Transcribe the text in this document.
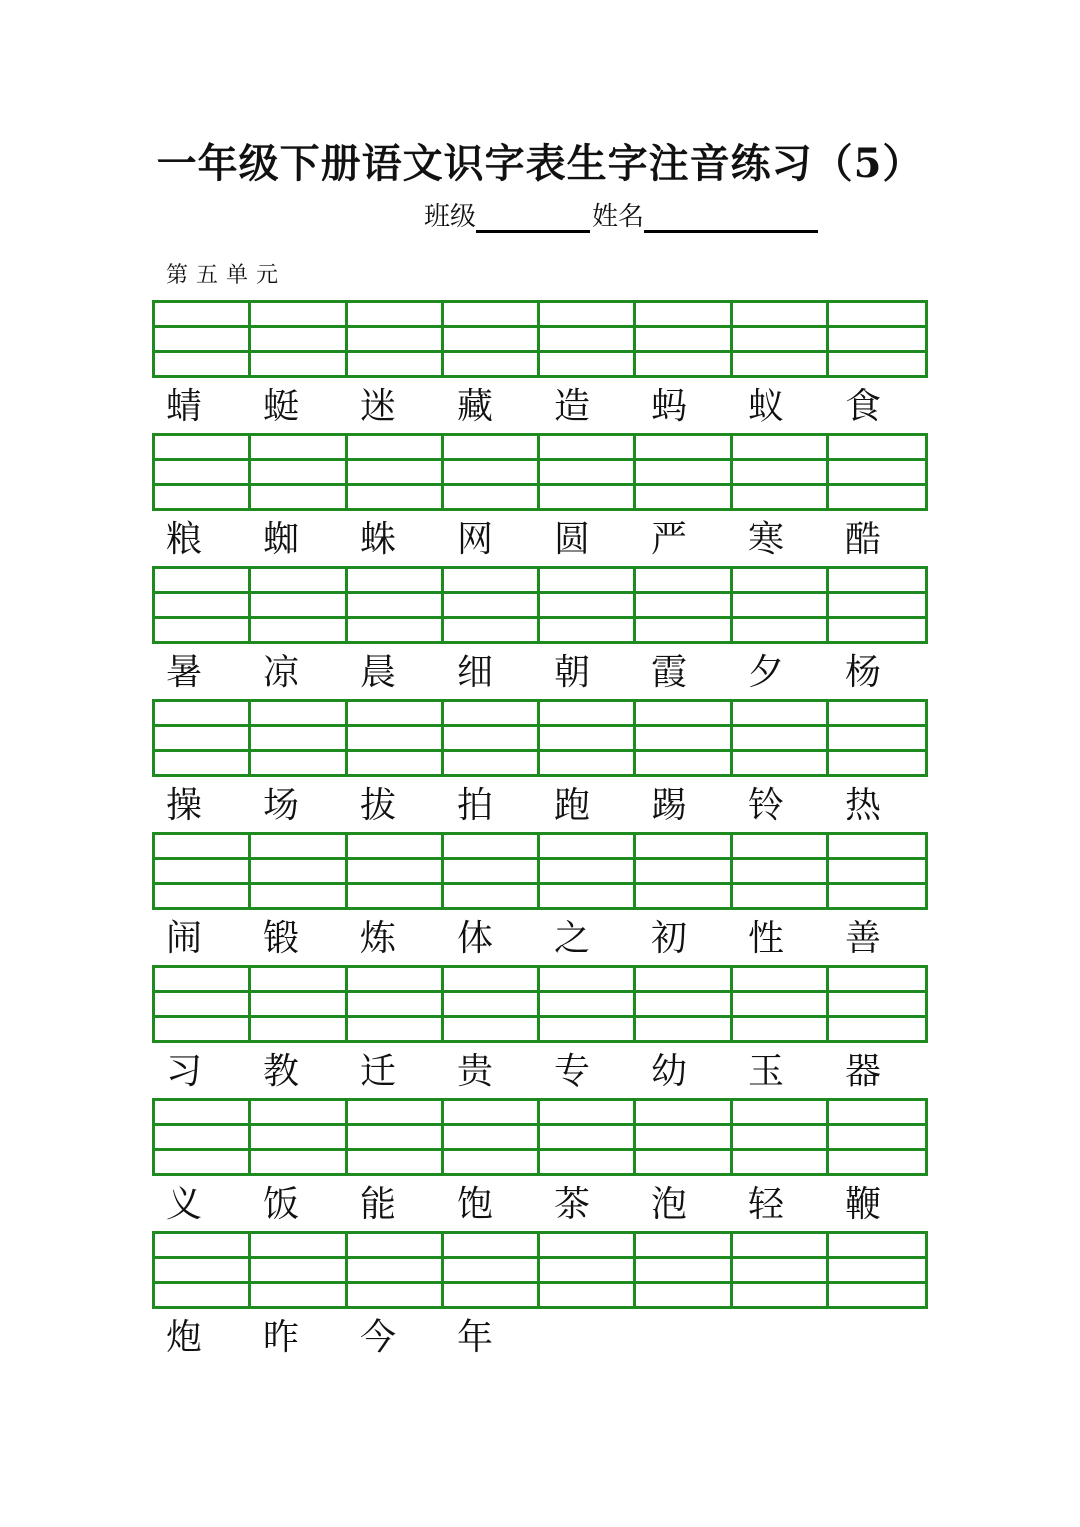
一年级下册语文识字表生字注音练习（5）
班级	姓名
第五单元
蜻	蜓	迷	藏	造	蚂	蚁	食
粮	蜘	蛛	网	圆	严	寒	酷
暑	凉	晨	细	朝	霞	夕	杨
操	场	拔	拍	跑	踢	铃	热
闹	锻	炼	体	之	初	性	善
习	教	迁	贵	专	幼	玉	器
义	饭	能	饱	茶	泡	轻	鞭
炮	昨	今	年
